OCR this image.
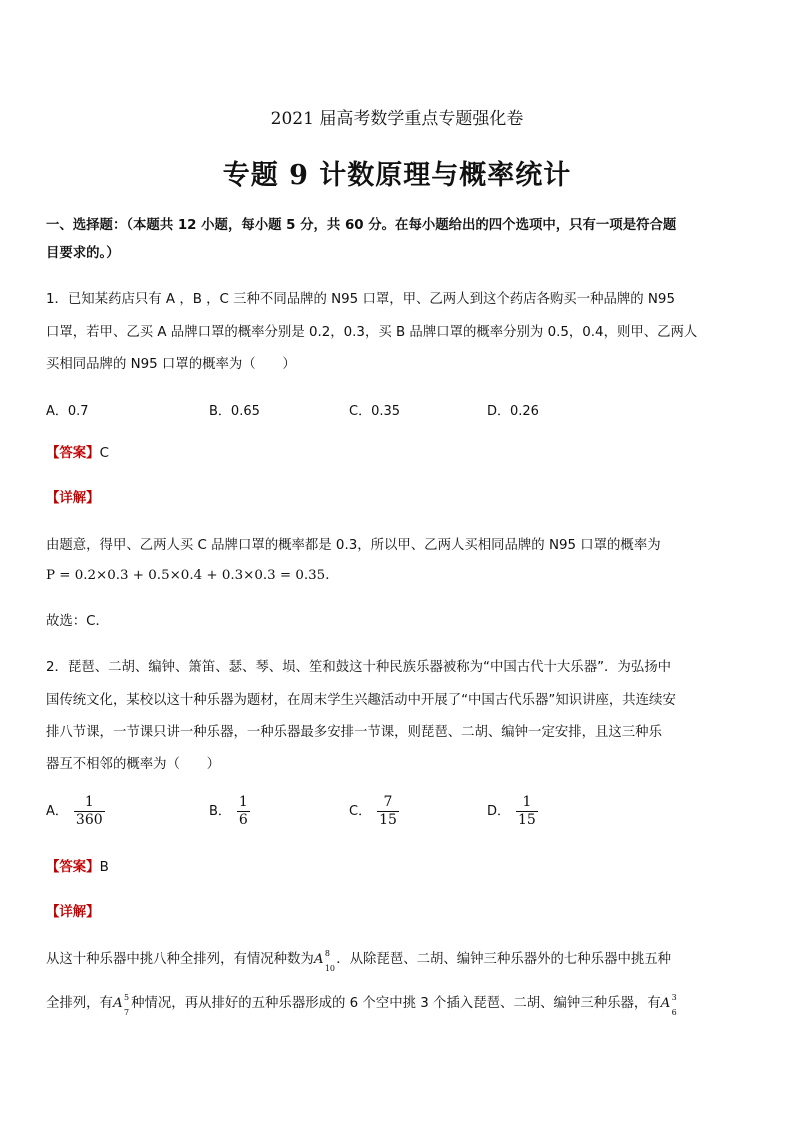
2021 届高考数学重点专题强化卷
专题 9 计数原理与概率统计
一、选择题：（本题共 12 小题，每小题 5 分，共 60 分。在每小题给出的四个选项中，只有一项是符合题
目要求的。）
1．已知某药店只有 A ，B ，C 三种不同品牌的 N95 口罩，甲、乙两人到这个药店各购买一种品牌的 N95
口罩，若甲、乙买 A 品牌口罩的概率分别是 0.2，0.3，买 B 品牌口罩的概率分别为 0.5，0.4，则甲、乙两人
买相同品牌的 N95 口罩的概率为（　　）
A．0.7	B．0.65	C．0.35	D．0.26
【答案】C
【详解】
由题意，得甲、乙两人买 C 品牌口罩的概率都是 0.3，所以甲、乙两人买相同品牌的 N95 口罩的概率为
P = 0.2×0.3 + 0.5×0.4 + 0.3×0.3 = 0.35．
故选：C．
2．琵琶、二胡、编钟、箫笛、瑟、琴、埙、笙和鼓这十种民族乐器被称为“中国古代十大乐器”．为弘扬中
国传统文化，某校以这十种乐器为题材，在周末学生兴趣活动中开展了“中国古代乐器”知识讲座，共连续安
排八节课，一节课只讲一种乐器，一种乐器最多安排一节课，则琵琶、二胡、编钟一定安排，且这三种乐
器互不相邻的概率为（　　）
A． $\frac{1}{360}$	B． $\frac{1}{6}$	C． $\frac{7}{15}$	D． $\frac{1}{15}$
【答案】B
【详解】
从这十种乐器中挑八种全排列，有情况种数为A 8
10
．从除琵琶、二胡、编钟三种乐器外的七种乐器中挑五种
全排列，有A 5
7
种情况，再从排好的五种乐器形成的 6 个空中挑 3 个插入琵琶、二胡、编钟三种乐器，有A 3
6
